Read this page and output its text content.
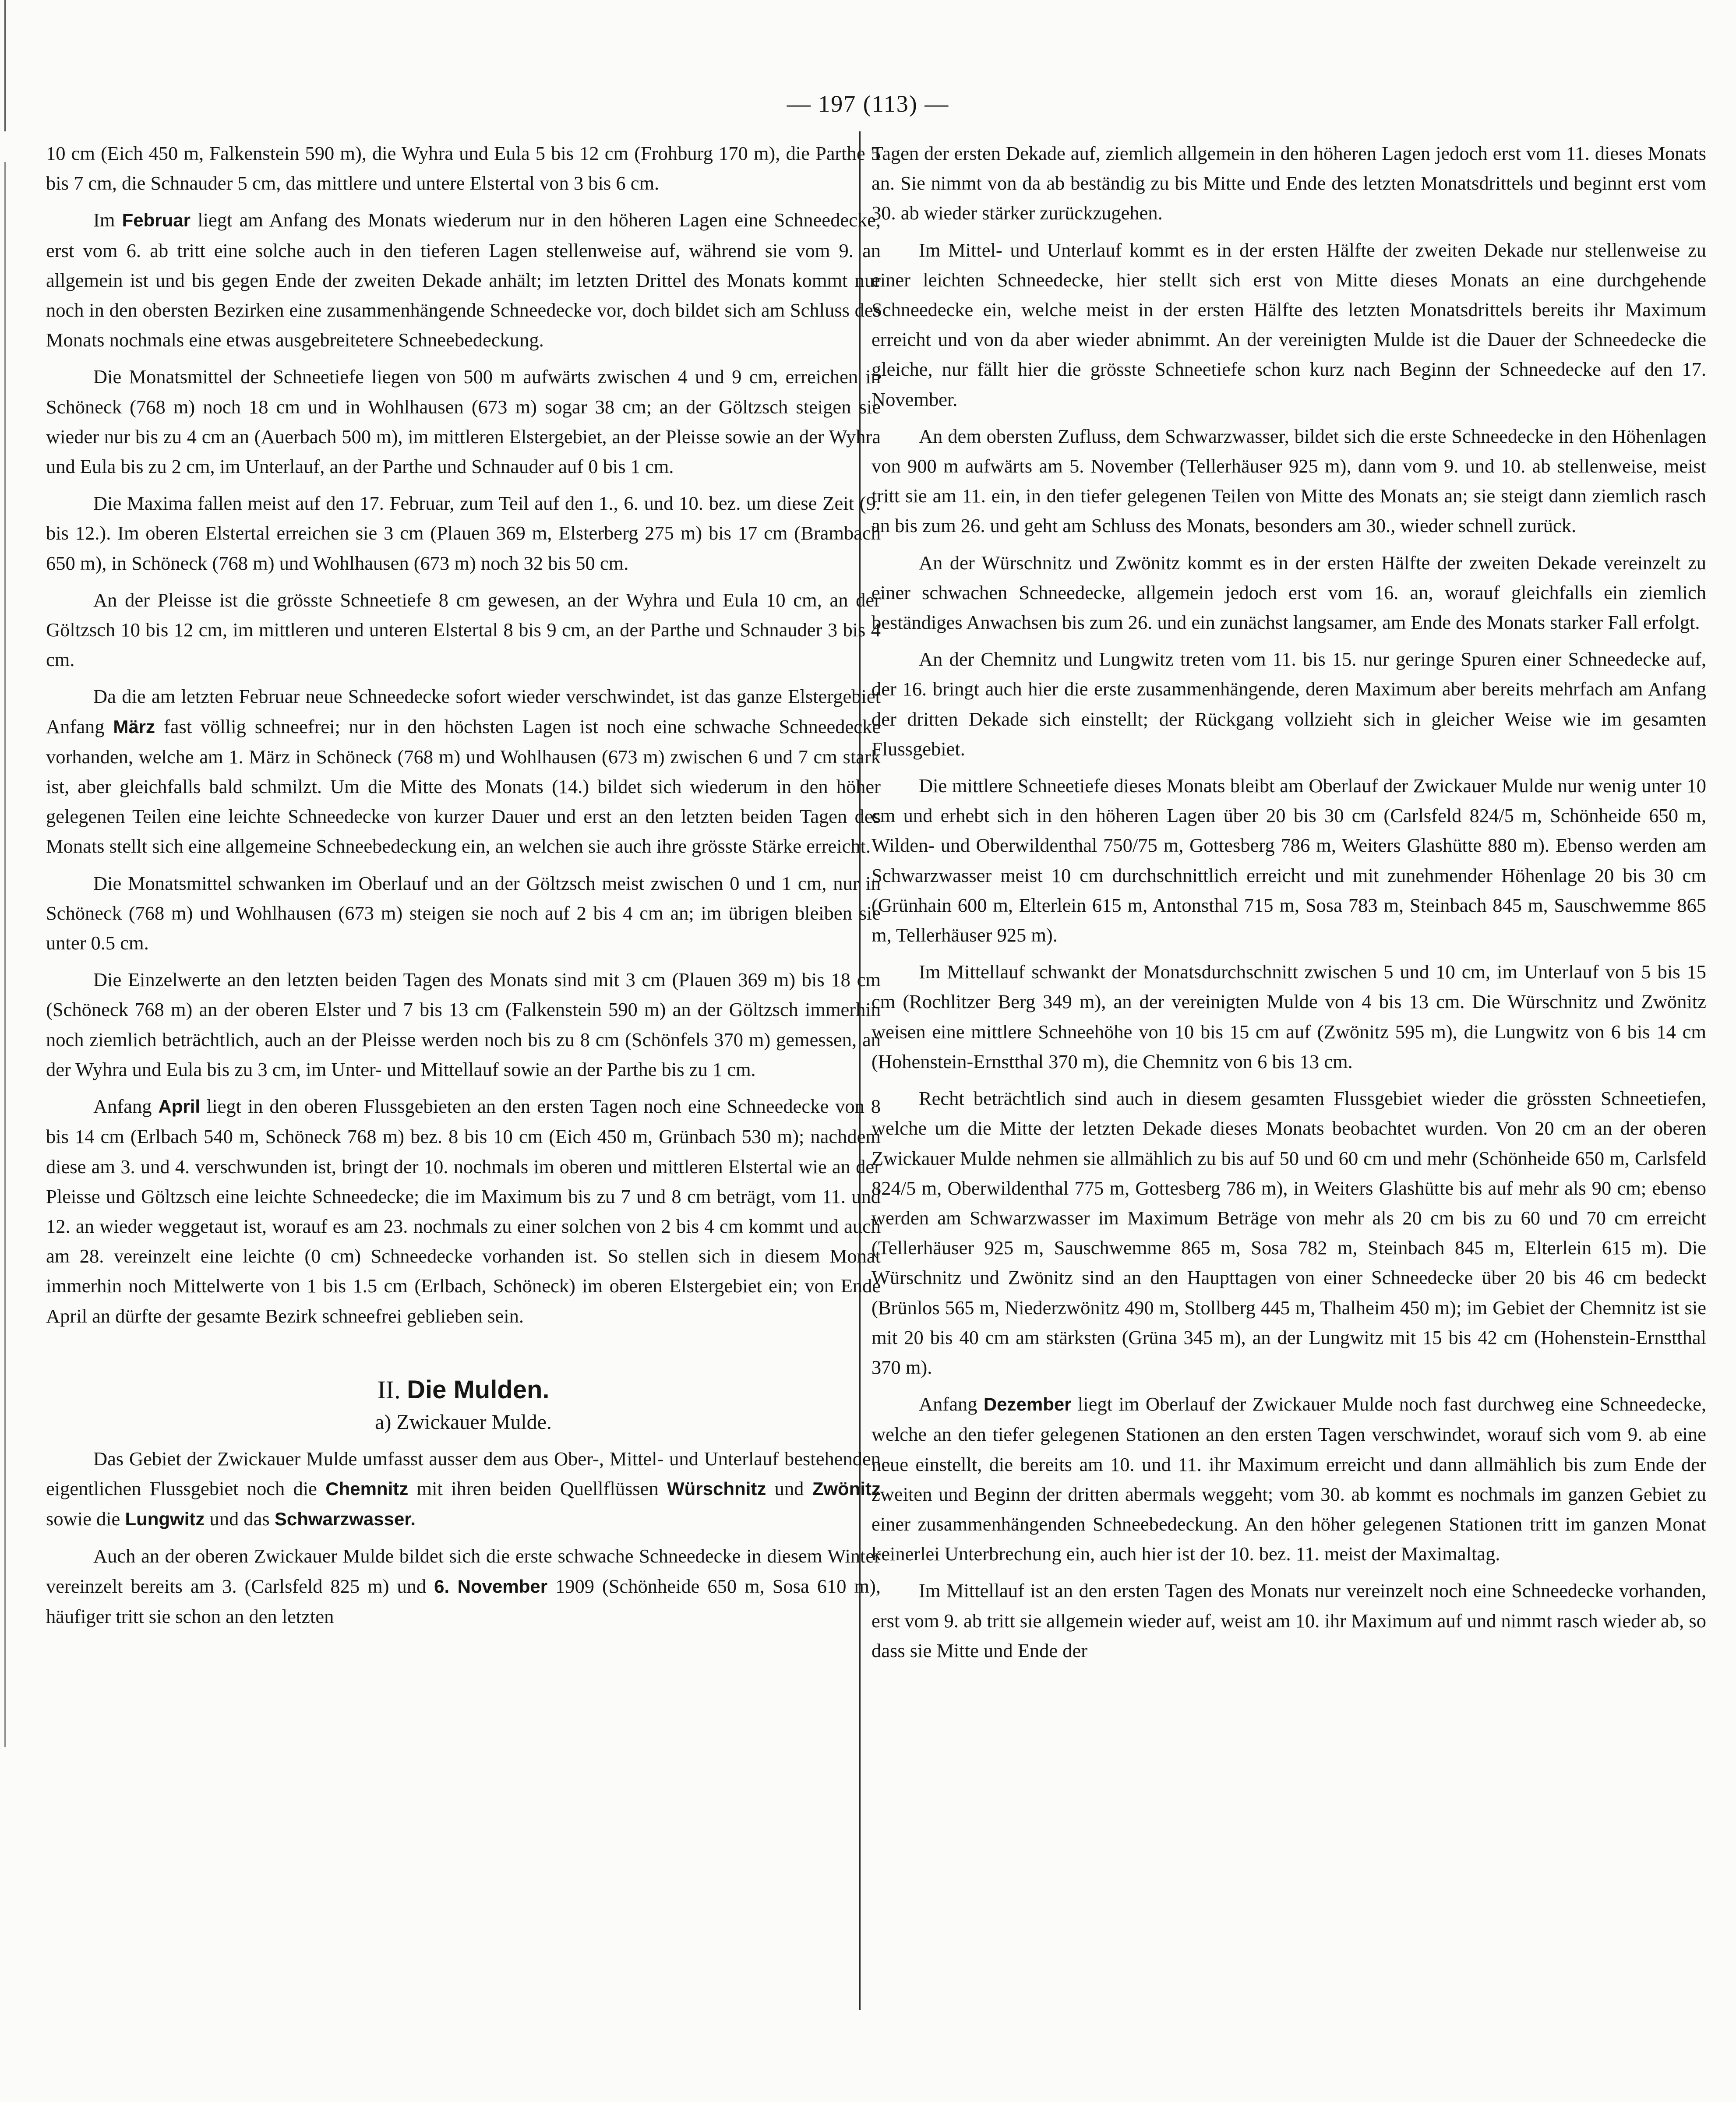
— 197 (113) —

10 cm (Eich 450 m, Falkenstein 590 m), die Wyhra und Eula 5 bis 12 cm (Frohburg 170 m), die Parthe 5 bis 7 cm, die Schnauder 5 cm, das mittlere und untere Elstertal von 3 bis 6 cm.

Im Februar liegt am Anfang des Monats wiederum nur in den höheren Lagen eine Schneedecke, erst vom 6. ab tritt eine solche auch in den tieferen Lagen stellenweise auf, während sie vom 9. an allgemein ist und bis gegen Ende der zweiten Dekade anhält; im letzten Drittel des Monats kommt nur noch in den obersten Bezirken eine zusammenhängende Schneedecke vor, doch bildet sich am Schluss des Monats nochmals eine etwas ausgebreitetere Schneebedeckung.

Die Monatsmittel der Schneetiefe liegen von 500 m aufwärts zwischen 4 und 9 cm, erreichen in Schöneck (768 m) noch 18 cm und in Wohlhausen (673 m) sogar 38 cm; an der Göltzsch steigen sie wieder nur bis zu 4 cm an (Auerbach 500 m), im mittleren Elstergebiet, an der Pleisse sowie an der Wyhra und Eula bis zu 2 cm, im Unterlauf, an der Parthe und Schnauder auf 0 bis 1 cm.

Die Maxima fallen meist auf den 17. Februar, zum Teil auf den 1., 6. und 10. bez. um diese Zeit (9. bis 12.). Im oberen Elstertal erreichen sie 3 cm (Plauen 369 m, Elsterberg 275 m) bis 17 cm (Brambach 650 m), in Schöneck (768 m) und Wohlhausen (673 m) noch 32 bis 50 cm.

An der Pleisse ist die grösste Schneetiefe 8 cm gewesen, an der Wyhra und Eula 10 cm, an der Göltzsch 10 bis 12 cm, im mittleren und unteren Elstertal 8 bis 9 cm, an der Parthe und Schnauder 3 bis 4 cm.

Da die am letzten Februar neue Schneedecke sofort wieder verschwindet, ist das ganze Elstergebiet Anfang März fast völlig schneefrei; nur in den höchsten Lagen ist noch eine schwache Schneedecke vorhanden, welche am 1. März in Schöneck (768 m) und Wohlhausen (673 m) zwischen 6 und 7 cm stark ist, aber gleichfalls bald schmilzt. Um die Mitte des Monats (14.) bildet sich wiederum in den höher gelegenen Teilen eine leichte Schneedecke von kurzer Dauer und erst an den letzten beiden Tagen des Monats stellt sich eine allgemeine Schneebedeckung ein, an welchen sie auch ihre grösste Stärke erreicht.

Die Monatsmittel schwanken im Oberlauf und an der Göltzsch meist zwischen 0 und 1 cm, nur in Schöneck (768 m) und Wohlhausen (673 m) steigen sie noch auf 2 bis 4 cm an; im übrigen bleiben sie unter 0.5 cm.

Die Einzelwerte an den letzten beiden Tagen des Monats sind mit 3 cm (Plauen 369 m) bis 18 cm (Schöneck 768 m) an der oberen Elster und 7 bis 13 cm (Falkenstein 590 m) an der Göltzsch immerhin noch ziemlich beträchtlich, auch an der Pleisse werden noch bis zu 8 cm (Schönfels 370 m) gemessen, an der Wyhra und Eula bis zu 3 cm, im Unter- und Mittellauf sowie an der Parthe bis zu 1 cm.

Anfang April liegt in den oberen Flussgebieten an den ersten Tagen noch eine Schneedecke von 8 bis 14 cm (Erlbach 540 m, Schöneck 768 m) bez. 8 bis 10 cm (Eich 450 m, Grünbach 530 m); nachdem diese am 3. und 4. verschwunden ist, bringt der 10. nochmals im oberen und mittleren Elstertal wie an der Pleisse und Göltzsch eine leichte Schneedecke; die im Maximum bis zu 7 und 8 cm beträgt, vom 11. und 12. an wieder weggetaut ist, worauf es am 23. nochmals zu einer solchen von 2 bis 4 cm kommt und auch am 28. vereinzelt eine leichte (0 cm) Schneedecke vorhanden ist. So stellen sich in diesem Monat immerhin noch Mittelwerte von 1 bis 1.5 cm (Erlbach, Schöneck) im oberen Elstergebiet ein; von Ende April an dürfte der gesamte Bezirk schneefrei geblieben sein.

II. Die Mulden.
a) Zwickauer Mulde.

Das Gebiet der Zwickauer Mulde umfasst ausser dem aus Ober-, Mittel- und Unterlauf bestehenden eigentlichen Flussgebiet noch die Chemnitz mit ihren beiden Quellflüssen Würschnitz und Zwönitz sowie die Lungwitz und das Schwarzwasser.

Auch an der oberen Zwickauer Mulde bildet sich die erste schwache Schneedecke in diesem Winter vereinzelt bereits am 3. (Carlsfeld 825 m) und 6. November 1909 (Schönheide 650 m, Sosa 610 m), häufiger tritt sie schon an den letzten

Tagen der ersten Dekade auf, ziemlich allgemein in den höheren Lagen jedoch erst vom 11. dieses Monats an. Sie nimmt von da ab beständig zu bis Mitte und Ende des letzten Monatsdrittels und beginnt erst vom 30. ab wieder stärker zurückzugehen.

Im Mittel- und Unterlauf kommt es in der ersten Hälfte der zweiten Dekade nur stellenweise zu einer leichten Schneedecke, hier stellt sich erst von Mitte dieses Monats an eine durchgehende Schneedecke ein, welche meist in der ersten Hälfte des letzten Monatsdrittels bereits ihr Maximum erreicht und von da aber wieder abnimmt. An der vereinigten Mulde ist die Dauer der Schneedecke die gleiche, nur fällt hier die grösste Schneetiefe schon kurz nach Beginn der Schneedecke auf den 17. November.

An dem obersten Zufluss, dem Schwarzwasser, bildet sich die erste Schneedecke in den Höhenlagen von 900 m aufwärts am 5. November (Tellerhäuser 925 m), dann vom 9. und 10. ab stellenweise, meist tritt sie am 11. ein, in den tiefer gelegenen Teilen von Mitte des Monats an; sie steigt dann ziemlich rasch an bis zum 26. und geht am Schluss des Monats, besonders am 30., wieder schnell zurück.

An der Würschnitz und Zwönitz kommt es in der ersten Hälfte der zweiten Dekade vereinzelt zu einer schwachen Schneedecke, allgemein jedoch erst vom 16. an, worauf gleichfalls ein ziemlich beständiges Anwachsen bis zum 26. und ein zunächst langsamer, am Ende des Monats starker Fall erfolgt.

An der Chemnitz und Lungwitz treten vom 11. bis 15. nur geringe Spuren einer Schneedecke auf, der 16. bringt auch hier die erste zusammenhängende, deren Maximum aber bereits mehrfach am Anfang der dritten Dekade sich einstellt; der Rückgang vollzieht sich in gleicher Weise wie im gesamten Flussgebiet.

Die mittlere Schneetiefe dieses Monats bleibt am Oberlauf der Zwickauer Mulde nur wenig unter 10 cm und erhebt sich in den höheren Lagen über 20 bis 30 cm (Carlsfeld 824/5 m, Schönheide 650 m, Wilden- und Oberwildenthal 750/75 m, Gottesberg 786 m, Weiters Glashütte 880 m). Ebenso werden am Schwarzwasser meist 10 cm durchschnittlich erreicht und mit zunehmender Höhenlage 20 bis 30 cm (Grünhain 600 m, Elterlein 615 m, Antonsthal 715 m, Sosa 783 m, Steinbach 845 m, Sauschwemme 865 m, Tellerhäuser 925 m).

Im Mittellauf schwankt der Monatsdurchschnitt zwischen 5 und 10 cm, im Unterlauf von 5 bis 15 cm (Rochlitzer Berg 349 m), an der vereinigten Mulde von 4 bis 13 cm. Die Würschnitz und Zwönitz weisen eine mittlere Schneehöhe von 10 bis 15 cm auf (Zwönitz 595 m), die Lungwitz von 6 bis 14 cm (Hohenstein-Ernstthal 370 m), die Chemnitz von 6 bis 13 cm.

Recht beträchtlich sind auch in diesem gesamten Flussgebiet wieder die grössten Schneetiefen, welche um die Mitte der letzten Dekade dieses Monats beobachtet wurden. Von 20 cm an der oberen Zwickauer Mulde nehmen sie allmählich zu bis auf 50 und 60 cm und mehr (Schönheide 650 m, Carlsfeld 824/5 m, Oberwildenthal 775 m, Gottesberg 786 m), in Weiters Glashütte bis auf mehr als 90 cm; ebenso werden am Schwarzwasser im Maximum Beträge von mehr als 20 cm bis zu 60 und 70 cm erreicht (Tellerhäuser 925 m, Sauschwemme 865 m, Sosa 782 m, Steinbach 845 m, Elterlein 615 m). Die Würschnitz und Zwönitz sind an den Haupttagen von einer Schneedecke über 20 bis 46 cm bedeckt (Brünlos 565 m, Niederzwönitz 490 m, Stollberg 445 m, Thalheim 450 m); im Gebiet der Chemnitz ist sie mit 20 bis 40 cm am stärksten (Grüna 345 m), an der Lungwitz mit 15 bis 42 cm (Hohenstein-Ernstthal 370 m).

Anfang Dezember liegt im Oberlauf der Zwickauer Mulde noch fast durchweg eine Schneedecke, welche an den tiefer gelegenen Stationen an den ersten Tagen verschwindet, worauf sich vom 9. ab eine neue einstellt, die bereits am 10. und 11. ihr Maximum erreicht und dann allmählich bis zum Ende der zweiten und Beginn der dritten abermals weggeht; vom 30. ab kommt es nochmals im ganzen Gebiet zu einer zusammenhängenden Schneebedeckung. An den höher gelegenen Stationen tritt im ganzen Monat keinerlei Unterbrechung ein, auch hier ist der 10. bez. 11. meist der Maximaltag.

Im Mittellauf ist an den ersten Tagen des Monats nur vereinzelt noch eine Schneedecke vorhanden, erst vom 9. ab tritt sie allgemein wieder auf, weist am 10. ihr Maximum auf und nimmt rasch wieder ab, so dass sie Mitte und Ende der
